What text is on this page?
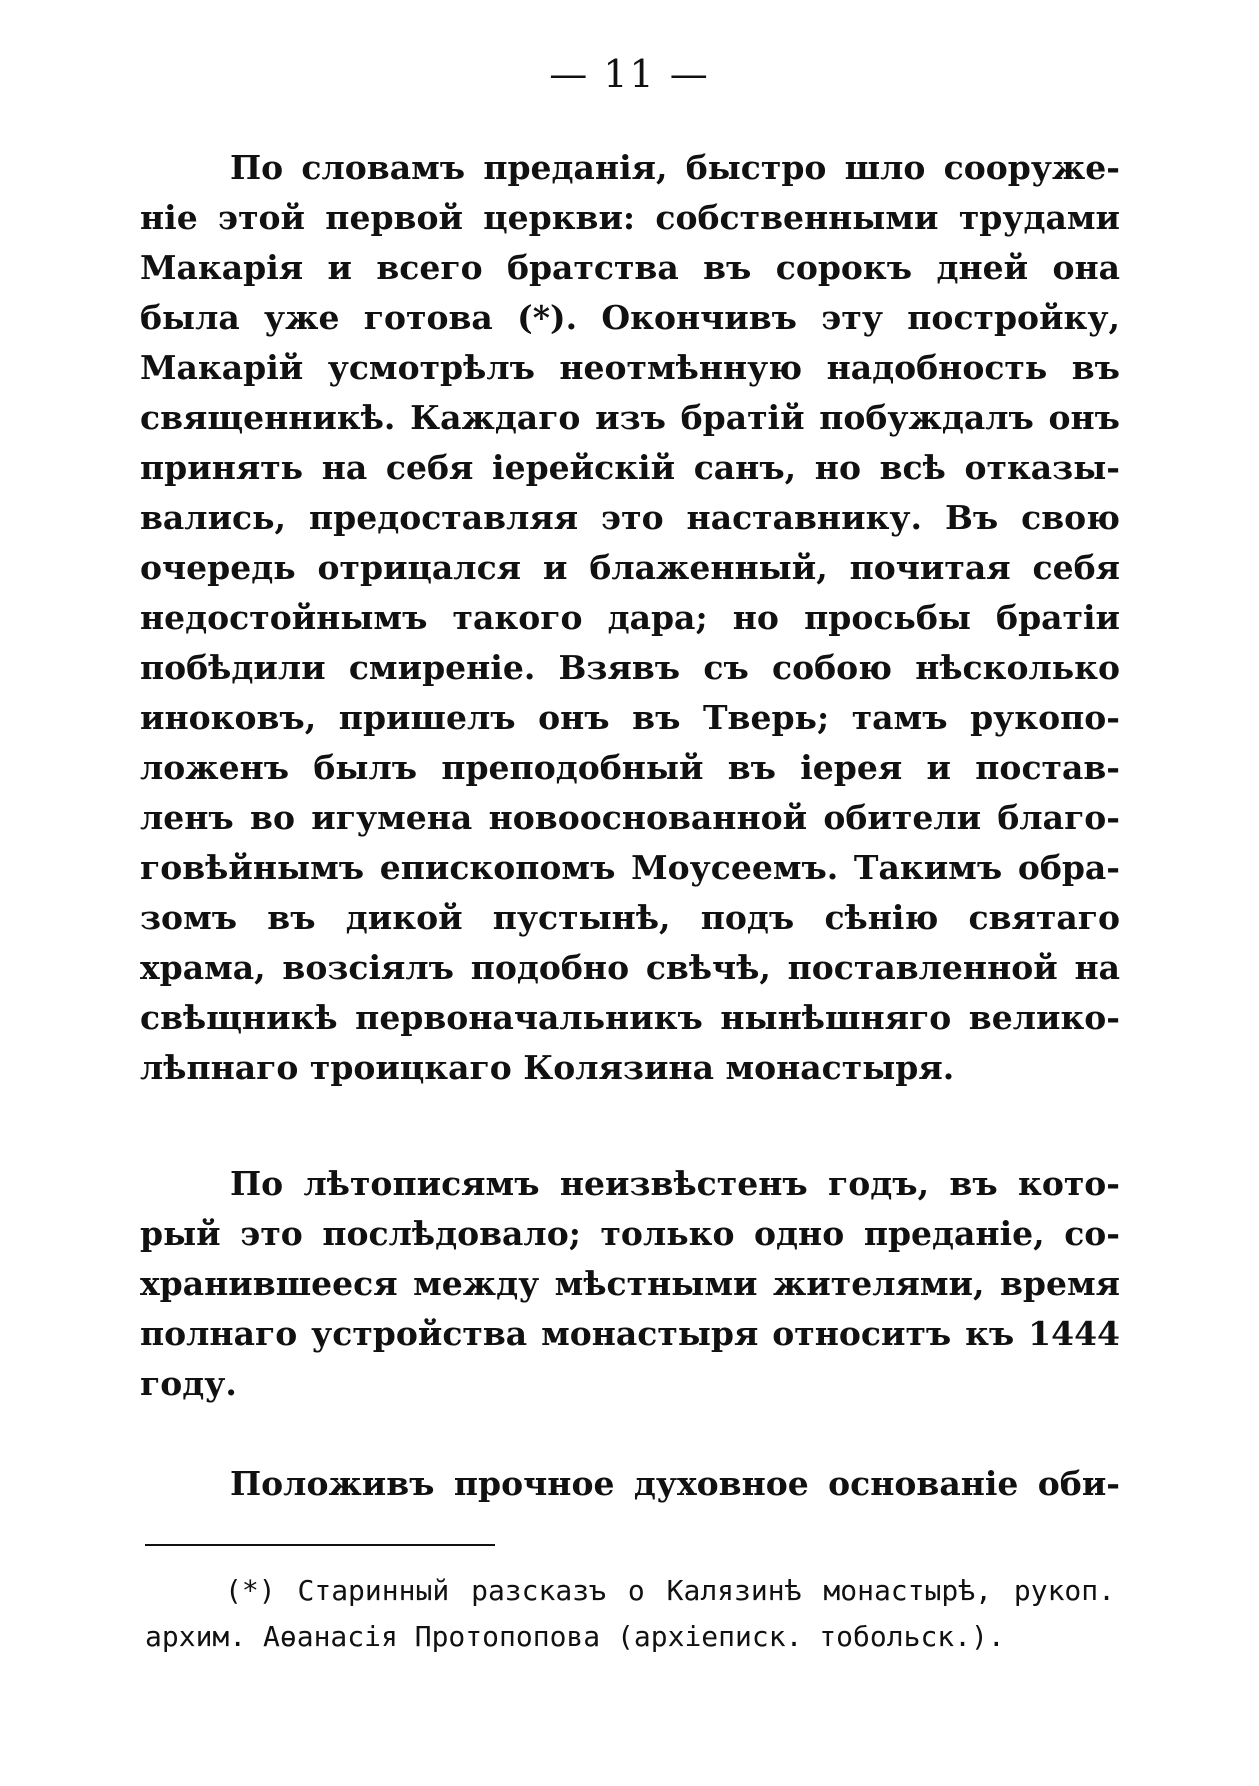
— 11 —
По словамъ преданія, быстро шло сооруже-
ніе этой первой церкви: собственными трудами
Макарія и всего братства въ сорокъ дней она
была уже готова (*). Окончивъ эту постройку,
Макарій усмотрѣлъ неотмѣнную надобность въ
священникѣ. Каждаго изъ братій побуждалъ онъ
принять на себя іерейскій санъ, но всѣ отказы-
вались, предоставляя это наставнику. Въ свою
очередь отрицался и блаженный, почитая себя
недостойнымъ такого дара; но просьбы братіи
побѣдили смиреніе. Взявъ съ собою нѣсколько
иноковъ, пришелъ онъ въ Тверь; тамъ рукопо-
ложенъ былъ преподобный въ іерея и постав-
ленъ во игумена новооснованной обители благо-
говѣйнымъ епископомъ Моусеемъ. Такимъ обра-
зомъ въ дикой пустынѣ, подъ сѣнію святаго
храма, возсіялъ подобно свѣчѣ, поставленной на
свѣщникѣ первоначальникъ нынѣшняго велико-
лѣпнаго троицкаго Колязина монастыря.
По лѣтописямъ неизвѣстенъ годъ, въ кото-
рый это послѣдовало; только одно преданіе, со-
хранившееся между мѣстными жителями, время
полнаго устройства монастыря относитъ къ 1444
году.
Положивъ прочное духовное основаніе оби-
(*) Старинный разсказъ о Калязинѣ монастырѣ, рукоп.
архим. Аѳанасія Протопопова (архіеписк. тобольск.).
